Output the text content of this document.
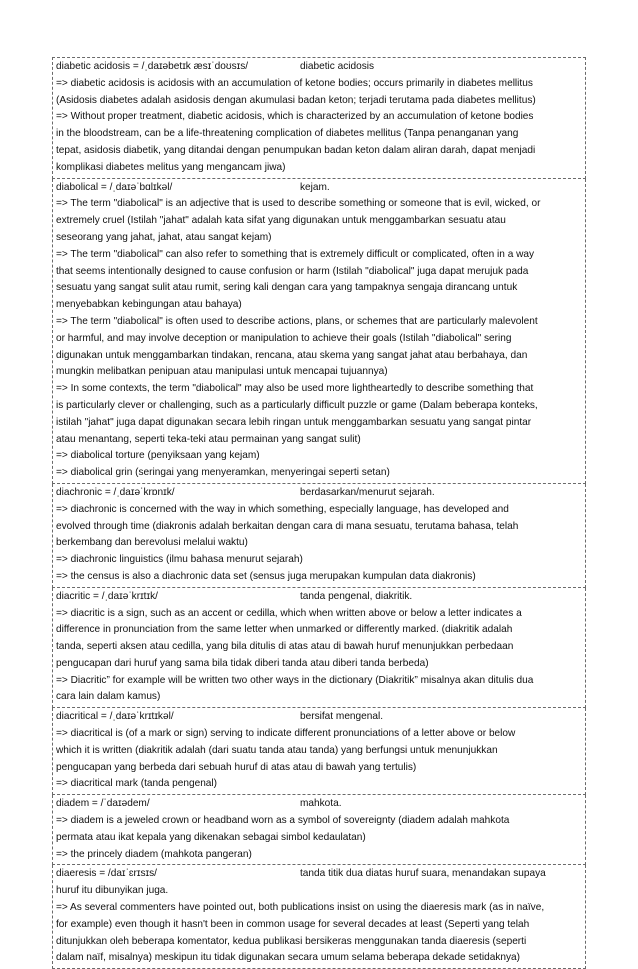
diabetic acidosis = /ˌdaɪəbetɪk æsɪˈdoʊsɪs/	diabetic acidosis
=> diabetic acidosis is acidosis with an accumulation of ketone bodies; occurs primarily in diabetes mellitus
(Asidosis diabetes adalah asidosis dengan akumulasi badan keton; terjadi terutama pada diabetes mellitus)
=> Without proper treatment, diabetic acidosis, which is characterized by an accumulation of ketone bodies
in the bloodstream, can be a life-threatening complication of diabetes mellitus (Tanpa penanganan yang
tepat, asidosis diabetik, yang ditandai dengan penumpukan badan keton dalam aliran darah, dapat menjadi
komplikasi diabetes melitus yang mengancam jiwa)
diabolical = /ˌdaɪəˈbɑlɪkəl/	kejam.
=> The term "diabolical" is an adjective that is used to describe something or someone that is evil, wicked, or
extremely cruel (Istilah "jahat" adalah kata sifat yang digunakan untuk menggambarkan sesuatu atau
seseorang yang jahat, jahat, atau sangat kejam)
=> The term "diabolical" can also refer to something that is extremely difficult or complicated, often in a way
that seems intentionally designed to cause confusion or harm (Istilah "diabolical" juga dapat merujuk pada
sesuatu yang sangat sulit atau rumit, sering kali dengan cara yang tampaknya sengaja dirancang untuk
menyebabkan kebingungan atau bahaya)
=> The term "diabolical" is often used to describe actions, plans, or schemes that are particularly malevolent
or harmful, and may involve deception or manipulation to achieve their goals (Istilah "diabolical" sering
digunakan untuk menggambarkan tindakan, rencana, atau skema yang sangat jahat atau berbahaya, dan
mungkin melibatkan penipuan atau manipulasi untuk mencapai tujuannya)
=> In some contexts, the term "diabolical" may also be used more lightheartedly to describe something that
is particularly clever or challenging, such as a particularly difficult puzzle or game (Dalam beberapa konteks,
istilah "jahat" juga dapat digunakan secara lebih ringan untuk menggambarkan sesuatu yang sangat pintar
atau menantang, seperti teka-teki atau permainan yang sangat sulit)
=> diabolical torture (penyiksaan yang kejam)
=> diabolical grin (seringai yang menyeramkan, menyeringai seperti setan)
diachronic = /ˌdaɪəˈkrɒnɪk/	berdasarkan/menurut sejarah.
=> diachronic is concerned with the way in which something, especially language, has developed and
evolved through time (diakronis adalah berkaitan dengan cara di mana sesuatu, terutama bahasa, telah
berkembang dan berevolusi melalui waktu)
=> diachronic linguistics (ilmu bahasa menurut sejarah)
=> the census is also a diachronic data set (sensus juga merupakan kumpulan data diakronis)
diacritic = /ˌdaɪəˈkrɪtɪk/	tanda pengenal, diakritik.
=> diacritic is a sign, such as an accent or cedilla, which when written above or below a letter indicates a
difference in pronunciation from the same letter when unmarked or differently marked. (diakritik adalah
tanda, seperti aksen atau cedilla, yang bila ditulis di atas atau di bawah huruf menunjukkan perbedaan
pengucapan dari huruf yang sama bila tidak diberi tanda atau diberi tanda berbeda)
=> Diacritic” for example will be written two other ways in the dictionary (Diakritik” misalnya akan ditulis dua
cara lain dalam kamus)
diacritical = /ˌdaɪəˈkrɪtɪkəl/	bersifat mengenal.
=> diacritical is (of a mark or sign) serving to indicate different pronunciations of a letter above or below
which it is written (diakritik adalah (dari suatu tanda atau tanda) yang berfungsi untuk menunjukkan
pengucapan yang berbeda dari sebuah huruf di atas atau di bawah yang tertulis)
=> diacritical mark (tanda pengenal)
diadem = /ˈdaɪədem/	mahkota.
=> diadem is a jeweled crown or headband worn as a symbol of sovereignty (diadem adalah mahkota
permata atau ikat kepala yang dikenakan sebagai simbol kedaulatan)
=> the princely diadem (mahkota pangeran)
diaeresis = /daɪˈɛrɪsɪs/	tanda titik dua diatas huruf suara, menandakan supaya
huruf itu dibunyikan juga.
=> As several commenters have pointed out, both publications insist on using the diaeresis mark (as in naïve,
for example) even though it hasn't been in common usage for several decades at least (Seperti yang telah
ditunjukkan oleh beberapa komentator, kedua publikasi bersikeras menggunakan tanda diaeresis (seperti
dalam naïf, misalnya) meskipun itu tidak digunakan secara umum selama beberapa dekade setidaknya)
